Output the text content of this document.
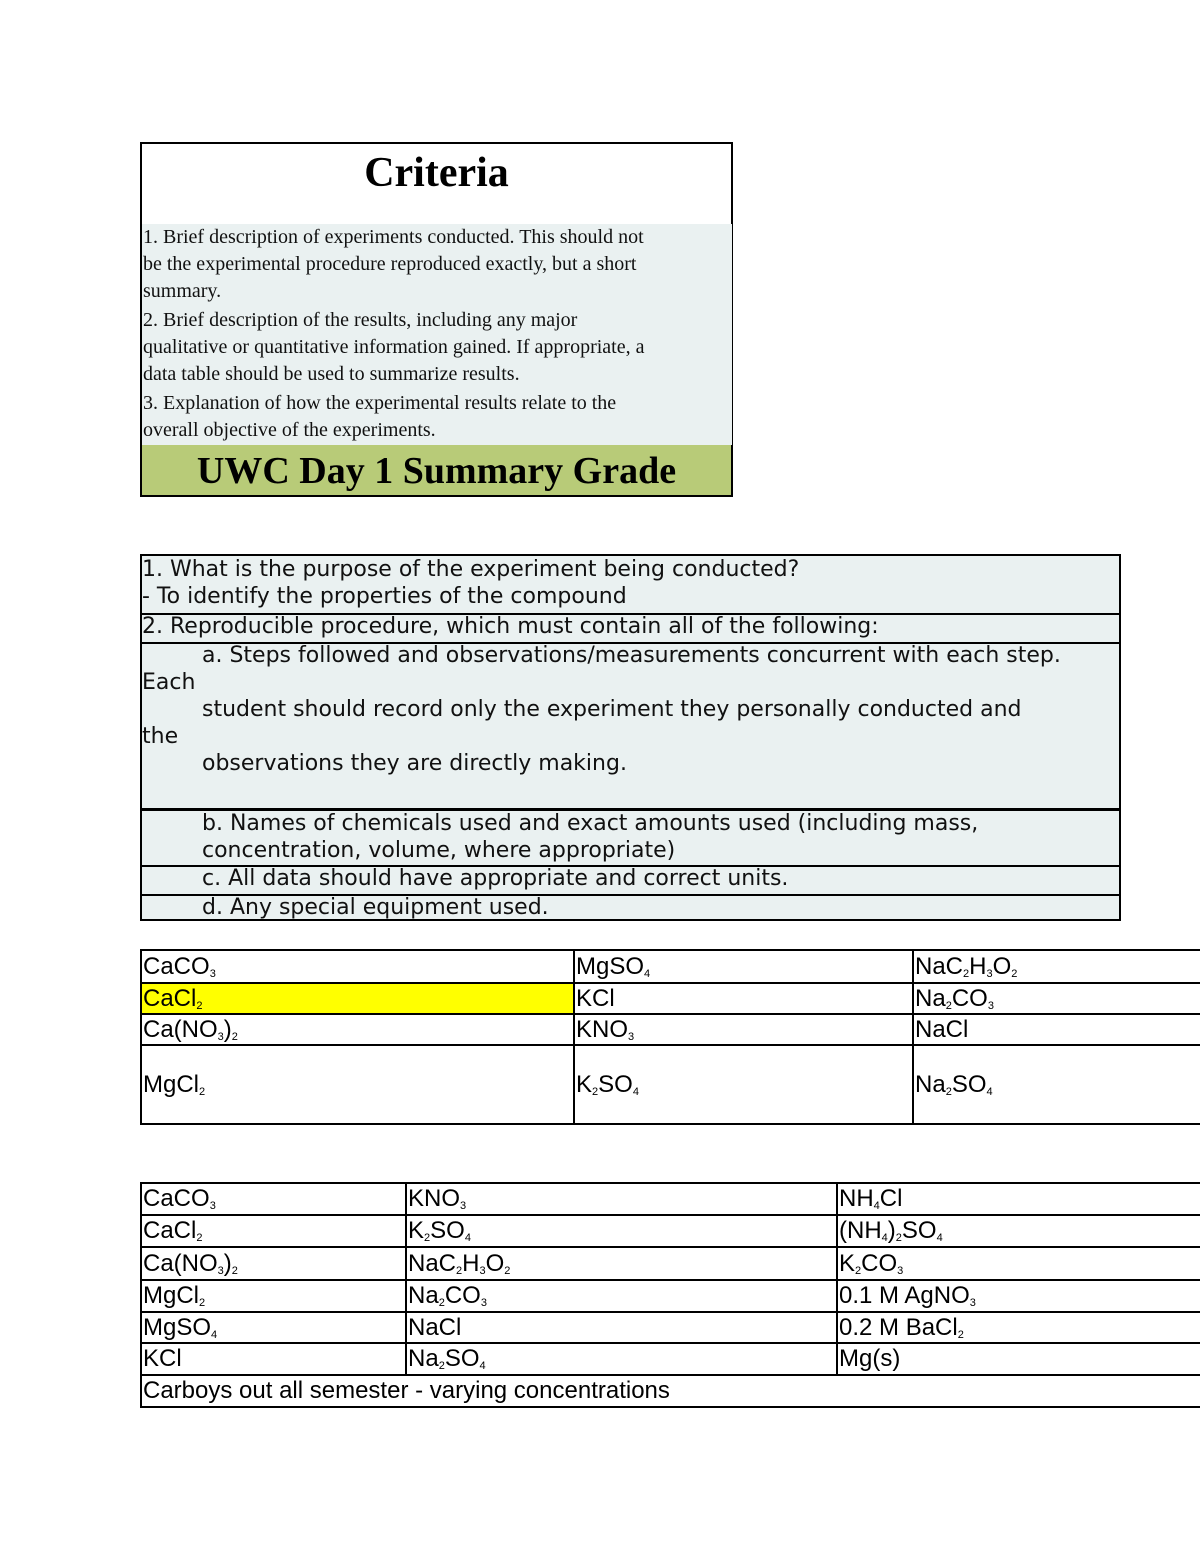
Criteria
1. Brief description of experiments conducted. This should not
be the experimental procedure reproduced exactly, but a short
summary.
2. Brief description of the results, including any major
qualitative or quantitative information gained. If appropriate, a
data table should be used to summarize results.
3. Explanation of how the experimental results relate to the
overall objective of the experiments.
UWC Day 1 Summary Grade
1. What is the purpose of the experiment being conducted?
- To identify the properties of the compound
2. Reproducible procedure, which must contain all of the following:
a. Steps followed and observations/measurements concurrent with each step.
Each
student should record only the experiment they personally conducted and
the
observations they are directly making.
b. Names of chemicals used and exact amounts used (including mass,
concentration, volume, where appropriate)
c. All data should have appropriate and correct units.
d. Any special equipment used.
CaCO$_3$	MgSO$_4$	$NaC_2H_3O_2$
CaCl$_2$	KCl	$Na_2CO_3$
$Ca(NO_3)_2$	$KNO_3$	NaCl
MgCl$_2$	$K_2SO_4$	$Na_2SO_4$
CaCO$_3$	$KNO_3$	$NH_4Cl$
CaCl$_2$	$K_2SO_4$	$(NH_4)_2SO_4$
$Ca(NO_3)_2$	$NaC_2H_3O_2$	$K_2CO_3$
MgCl$_2$	$Na_2CO_3$	0.1 M AgNO$_3$
MgSO$_4$	NaCl	0.2 M BaCl$_2$
KCl	$Na_2SO_4$	Mg(s)
Carboys out all semester - varying concentrations		
